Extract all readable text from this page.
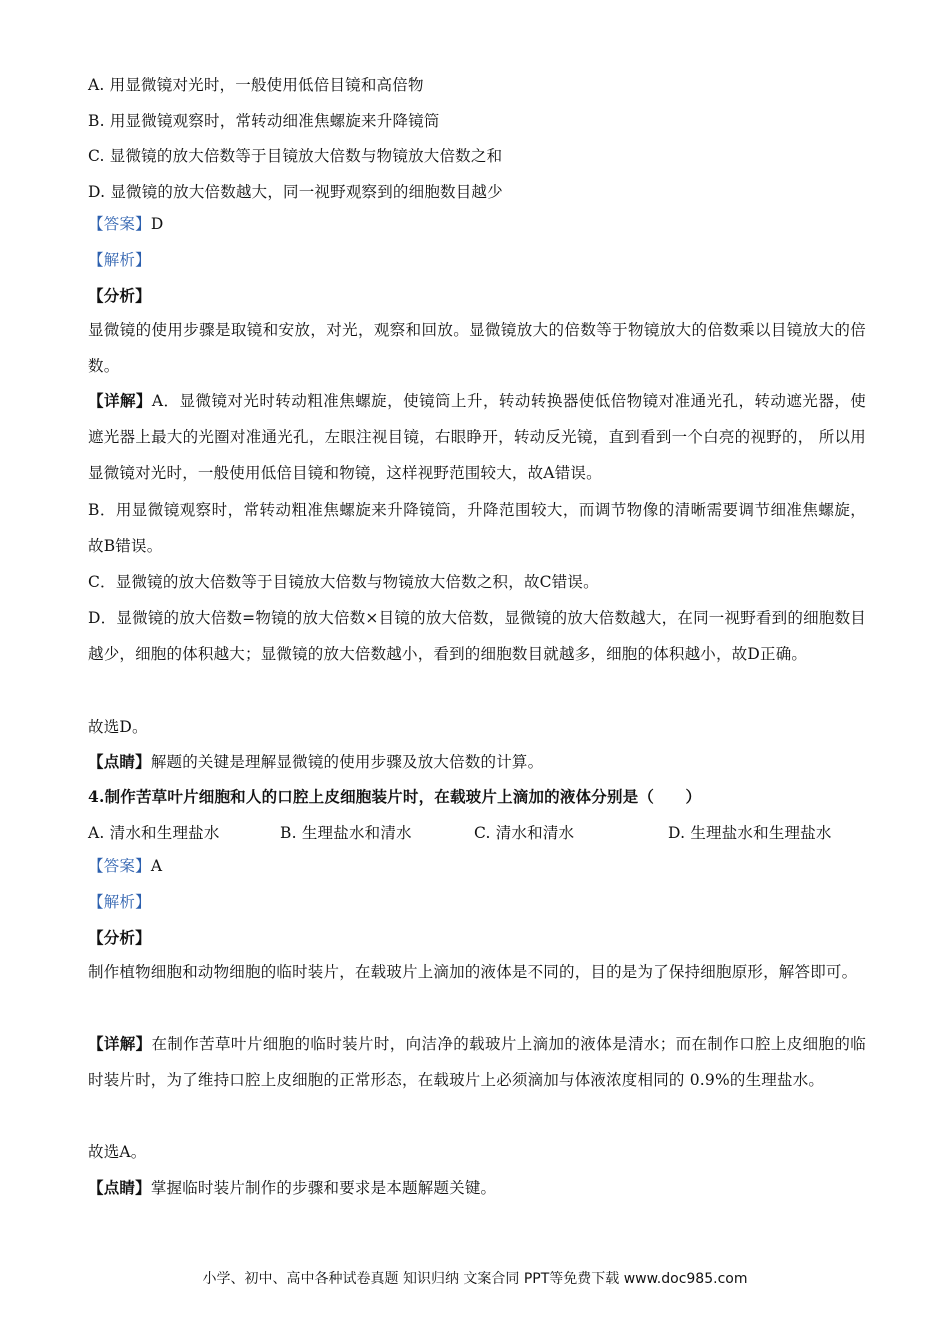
A. 用显微镜对光时，一般使用低倍目镜和高倍物
B. 用显微镜观察时，常转动细准焦螺旋来升降镜筒
C. 显微镜的放大倍数等于目镜放大倍数与物镜放大倍数之和
D. 显微镜的放大倍数越大，同一视野观察到的细胞数目越少
【答案】D
【解析】
【分析】
显微镜的使用步骤是取镜和安放，对光，观察和回放。显微镜放大的倍数等于物镜放大的倍数乘以目镜放大的倍数。
【详解】A．显微镜对光时转动粗准焦螺旋，使镜筒上升，转动转换器使低倍物镜对准通光孔，转动遮光器，使遮光器上最大的光圈对准通光孔，左眼注视目镜，右眼睁开，转动反光镜，直到看到一个白亮的视野的， 所以用显微镜对光时，一般使用低倍目镜和物镜，这样视野范围较大，故A错误。
B．用显微镜观察时，常转动粗准焦螺旋来升降镜筒，升降范围较大，而调节物像的清晰需要调节细准焦螺旋，故B错误。
C．显微镜的放大倍数等于目镜放大倍数与物镜放大倍数之积，故C错误。
D．显微镜的放大倍数=物镜的放大倍数×目镜的放大倍数，显微镜的放大倍数越大，在同一视野看到的细胞数目越少，细胞的体积越大；显微镜的放大倍数越小，看到的细胞数目就越多，细胞的体积越小，故D正确。
故选D。
【点睛】解题的关键是理解显微镜的使用步骤及放大倍数的计算。
4.制作苦草叶片细胞和人的口腔上皮细胞装片时，在载玻片上滴加的液体分别是（　　）
A. 清水和生理盐水	B. 生理盐水和清水	C. 清水和清水	D. 生理盐水和生理盐水
【答案】A
【解析】
【分析】
制作植物细胞和动物细胞的临时装片，在载玻片上滴加的液体是不同的，目的是为了保持细胞原形，解答即可。
【详解】在制作苦草叶片细胞的临时装片时，向洁净的载玻片上滴加的液体是清水；而在制作口腔上皮细胞的临时装片时，为了维持口腔上皮细胞的正常形态，在载玻片上必须滴加与体液浓度相同的 0.9%的生理盐水。
故选A。
【点睛】掌握临时装片制作的步骤和要求是本题解题关键。
小学、初中、高中各种试卷真题 知识归纳 文案合同 PPT等免费下载 www.doc985.com
